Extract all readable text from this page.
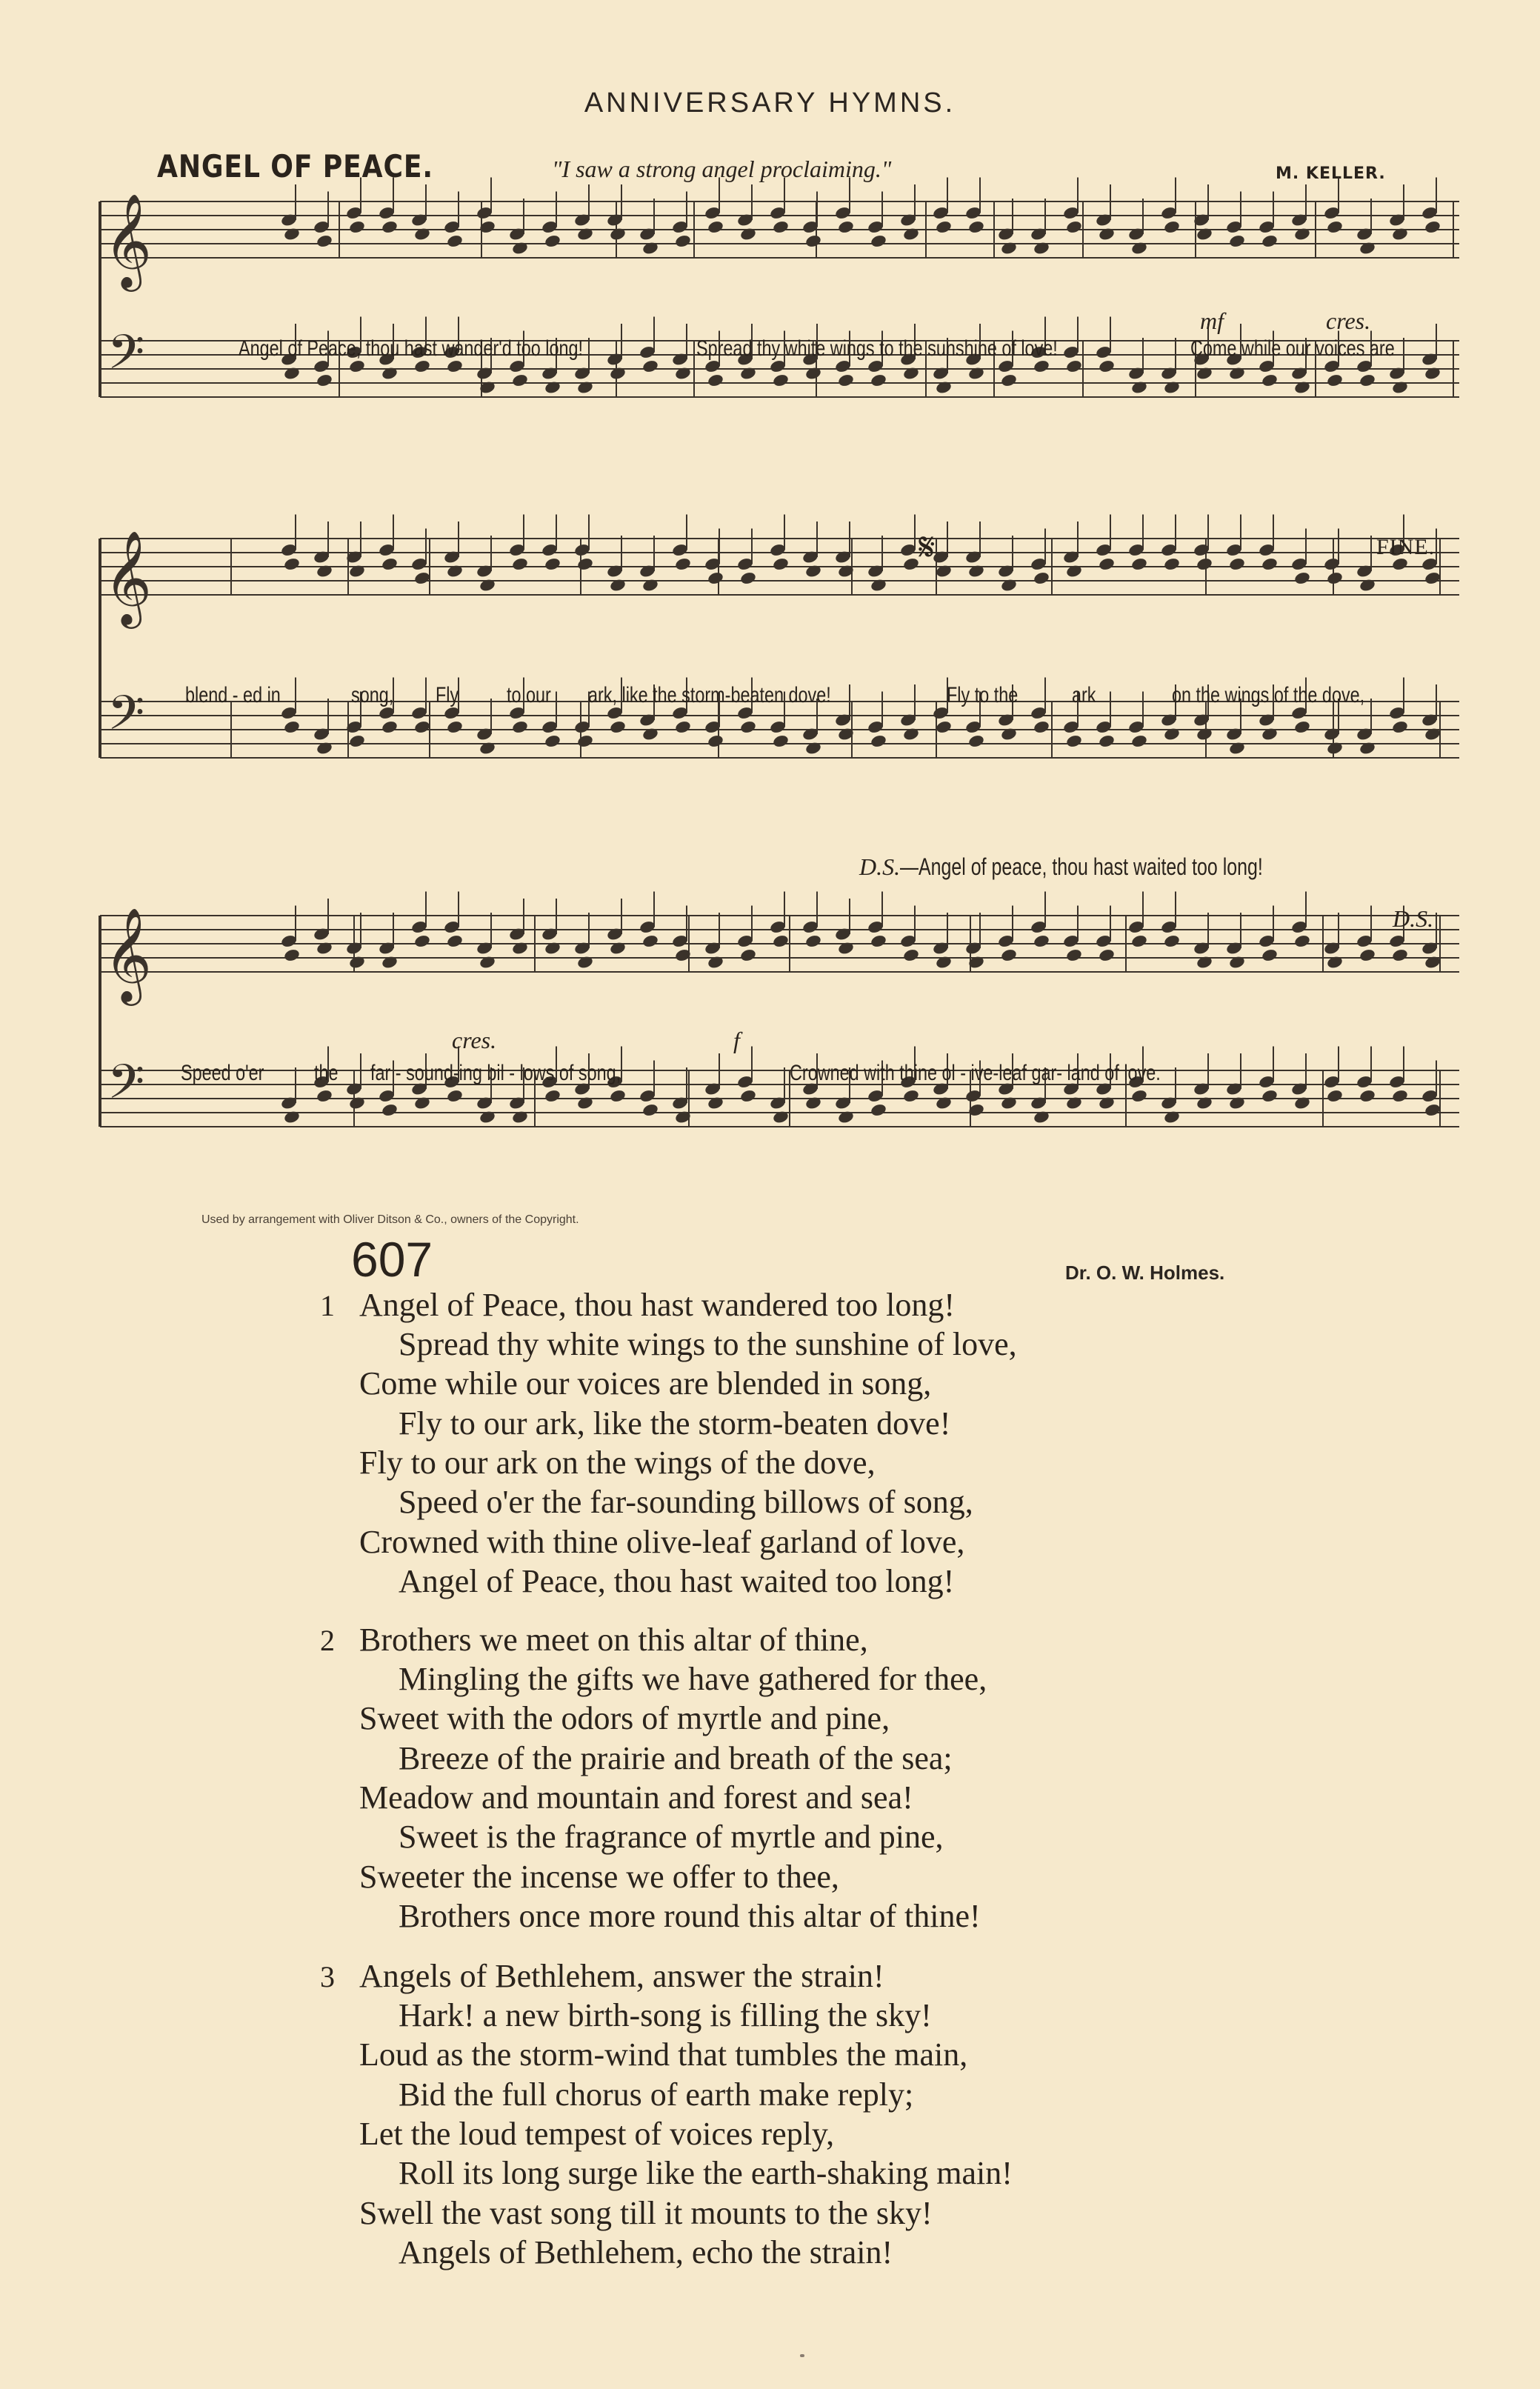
ANNIVERSARY HYMNS.
ANGEL OF PEACE.	"I saw a strong angel proclaiming."	M. KELLER.
𝄞
𝄢
𝄞
𝄢
𝄞
𝄢
mf	cres.
Angel of Peace, thou hast wander'd too long!	Spread thy white wings to the sunshine of love!	Come while our voices are
𝄋	FINE.
blend - ed in	song, Fly to our ark, like the storm-beaten dove!	Fly to the ark	on the wings of the dove,
D.S.—Angel of peace, thou hast waited too long!
D.S.
cres.	f
Speed o'er the far - sound-ing bil - lows of song,	Crowned with thine ol - ive-leaf gar- land of love.
Used by arrangement with Oliver Ditson & Co., owners of the Copyright.
607	Dr. O. W. Holmes.
1 Angel of Peace, thou hast wandered too long!
Spread thy white wings to the sunshine of love,
Come while our voices are blended in song,
Fly to our ark, like the storm-beaten dove!
Fly to our ark on the wings of the dove,
Speed o'er the far-sounding billows of song,
Crowned with thine olive-leaf garland of love,
Angel of Peace, thou hast waited too long!
2 Brothers we meet on this altar of thine,
Mingling the gifts we have gathered for thee,
Sweet with the odors of myrtle and pine,
Breeze of the prairie and breath of the sea;
Meadow and mountain and forest and sea!
Sweet is the fragrance of myrtle and pine,
Sweeter the incense we offer to thee,
Brothers once more round this altar of thine!
3 Angels of Bethlehem, answer the strain!
Hark! a new birth-song is filling the sky!
Loud as the storm-wind that tumbles the main,
Bid the full chorus of earth make reply;
Let the loud tempest of voices reply,
Roll its long surge like the earth-shaking main!
Swell the vast song till it mounts to the sky!
Angels of Bethlehem, echo the strain!
